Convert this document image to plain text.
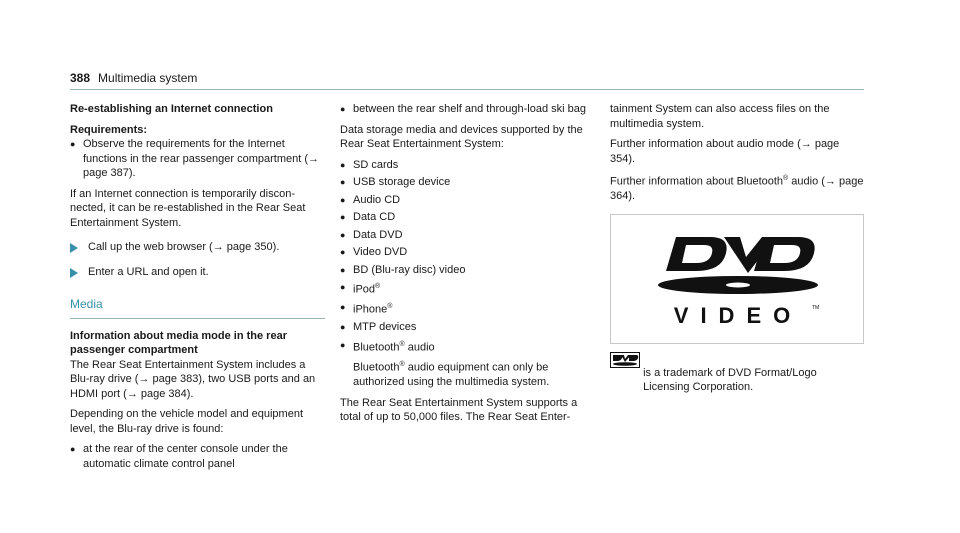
388 Multimedia system

Re‑establishing an Internet connection

Requirements:

● Observe the requirements for the Internet functions in the rear passenger compartment (→ page 387).

If an Internet connection is temporarily discon‑ nected, it can be re‑established in the Rear Seat Entertainment System.

Call up the web browser (→ page 350).
Enter a URL and open it.
Media

Information about media mode in the rear passenger compartment

The Rear Seat Entertainment System includes a Blu‑ray drive (→ page 383), two USB ports and an HDMI port (→ page 384).

Depending on the vehicle model and equipment level, the Blu‑ray drive is found:

● at the rear of the center console under the automatic climate control panel
● between the rear shelf and through‑load ski bag

Data storage media and devices supported by the Rear Seat Entertainment System:

● SD cards
● USB storage device
● Audio CD
● Data CD
● Data DVD
● Video DVD
● BD (Blu‑ray disc) video
● iPod®
● iPhone®
● MTP devices
● Bluetooth® audio
Bluetooth® audio equipment can only be authorized using the multimedia system.

The Rear Seat Entertainment System supports a total of up to 50,000 files. The Rear Seat Enter‑

tainment System can also access files on the multimedia system.

Further information about audio mode (→ page 354).

Further information about Bluetooth® audio (→ page 364).

VIDEO TM
is a trademark of DVD Format/Logo Licensing Corporation.
